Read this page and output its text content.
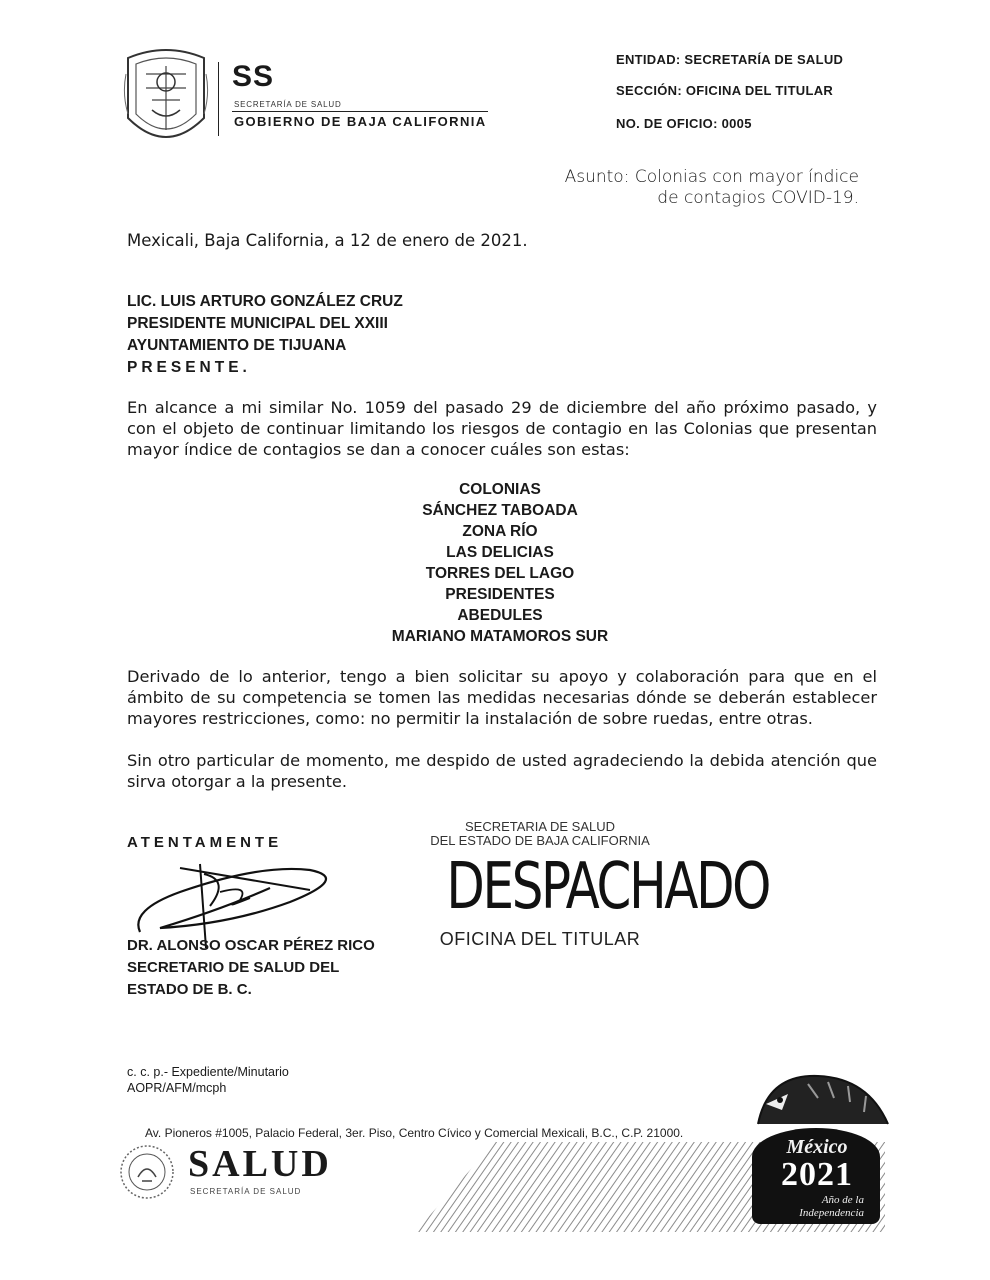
SS
SECRETARÍA DE SALUD
GOBIERNO DE BAJA CALIFORNIA
ENTIDAD: SECRETARÍA DE SALUD
SECCIÓN: OFICINA DEL TITULAR
NO. DE OFICIO: 0005
Asunto: Colonias con mayor índice
de contagios COVID-19.
Mexicali, Baja California, a 12 de enero de 2021.
LIC. LUIS ARTURO GONZÁLEZ CRUZ
PRESIDENTE MUNICIPAL DEL XXIII
AYUNTAMIENTO DE TIJUANA
PRESENTE.
En alcance a mi similar No. 1059 del pasado 29 de diciembre del año próximo pasado, y con el objeto de continuar limitando los riesgos de contagio en las Colonias que presentan mayor índice de contagios se dan a conocer cuáles son estas:
COLONIAS
SÁNCHEZ TABOADA
ZONA RÍO
LAS DELICIAS
TORRES DEL LAGO
PRESIDENTES
ABEDULES
MARIANO MATAMOROS SUR
Derivado de lo anterior, tengo a bien solicitar su apoyo y colaboración para que en el ámbito de su competencia se tomen las medidas necesarias dónde se deberán establecer mayores restricciones, como: no permitir la instalación de sobre ruedas, entre otras.
Sin otro particular de momento, me despido de usted agradeciendo la debida atención que sirva otorgar a la presente.
ATENTAMENTE
DR. ALONSO OSCAR PÉREZ RICO
SECRETARIO DE SALUD DEL
ESTADO DE B. C.
SECRETARIA DE SALUD
DEL ESTADO DE BAJA CALIFORNIA
DESPACHADO
OFICINA DEL TITULAR
c. c. p.- Expediente/Minutario
AOPR/AFM/mcph
Av. Pioneros #1005, Palacio Federal, 3er. Piso, Centro Cívico y Comercial Mexicali, B.C., C.P. 21000.
SALUD
SECRETARÍA DE SALUD
México
2021
Año de la
Independencia
